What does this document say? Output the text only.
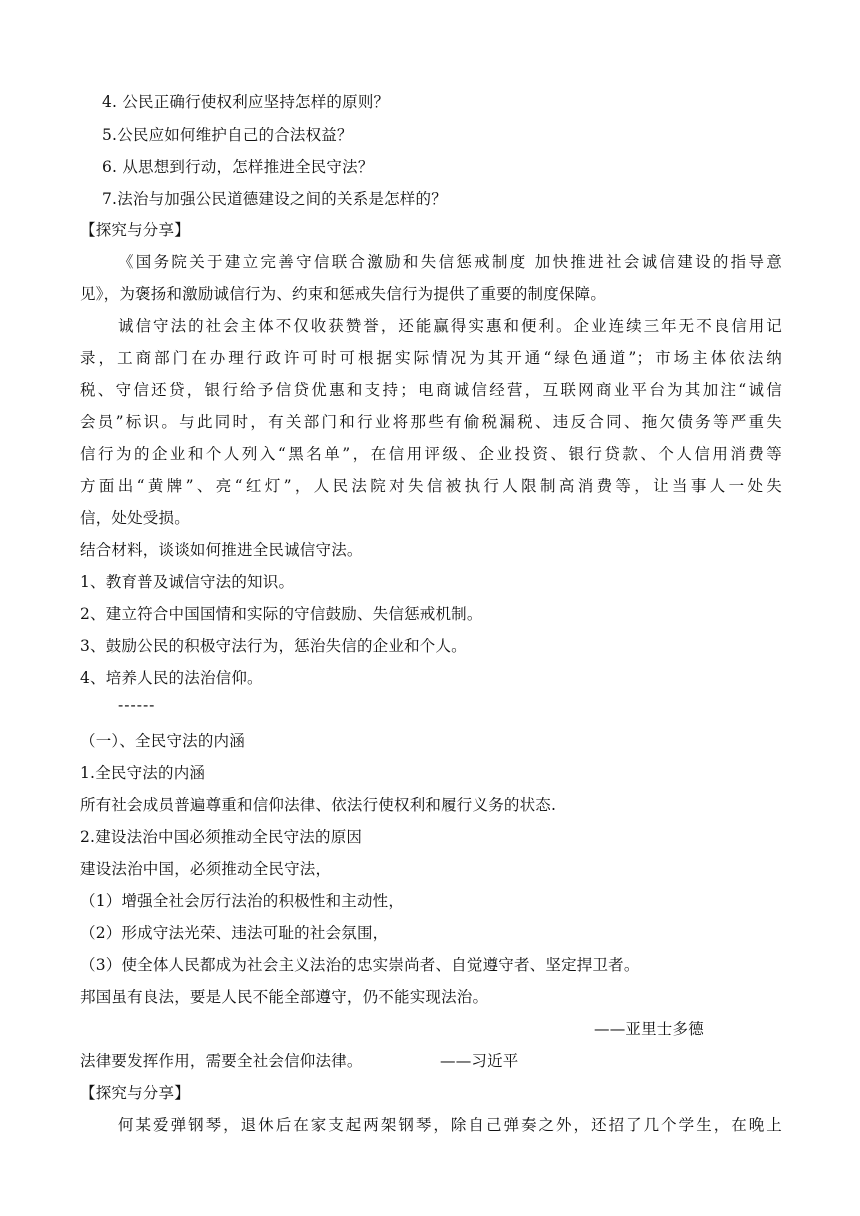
4. 公民正确行使权利应坚持怎样的原则？
5.公民应如何维护自己的合法权益？
6. 从思想到行动，怎样推进全民守法？
7.法治与加强公民道德建设之间的关系是怎样的？
【探究与分享】
《国务院关于建立完善守信联合激励和失信惩戒制度 加快推进社会诚信建设的指导意
见》，为褒扬和激励诚信行为、约束和惩戒失信行为提供了重要的制度保障。
诚信守法的社会主体不仅收获赞誉，还能赢得实惠和便利。企业连续三年无不良信用记
录，工商部门在办理行政许可时可根据实际情况为其开通“绿色通道”；市场主体依法纳
税、守信还贷，银行给予信贷优惠和支持；电商诚信经营，互联网商业平台为其加注“诚信
会员”标识。与此同时，有关部门和行业将那些有偷税漏税、违反合同、拖欠债务等严重失
信行为的企业和个人列入“黑名单”，在信用评级、企业投资、银行贷款、个人信用消费等
方面出“黄牌”、亮“红灯”，人民法院对失信被执行人限制高消费等，让当事人一处失
信，处处受损。
结合材料，谈谈如何推进全民诚信守法。
1、教育普及诚信守法的知识。
2、建立符合中国国情和实际的守信鼓励、失信惩戒机制。
3、鼓励公民的积极守法行为，惩治失信的企业和个人。
4、培养人民的法治信仰。
------
（一）、全民守法的内涵
1.全民守法的内涵
所有社会成员普遍尊重和信仰法律、依法行使权利和履行义务的状态.
2.建设法治中国必须推动全民守法的原因
建设法治中国，必须推动全民守法，
（1）增强全社会厉行法治的积极性和主动性，
（2）形成守法光荣、违法可耻的社会氛围，
（3）使全体人民都成为社会主义法治的忠实崇尚者、自觉遵守者、坚定捍卫者。
邦国虽有良法，要是人民不能全部遵守，仍不能实现法治。
——亚里士多德
法律要发挥作用，需要全社会信仰法律。	——习近平
【探究与分享】
何某爱弹钢琴，退休后在家支起两架钢琴，除自己弹奏之外，还招了几个学生，在晚上
